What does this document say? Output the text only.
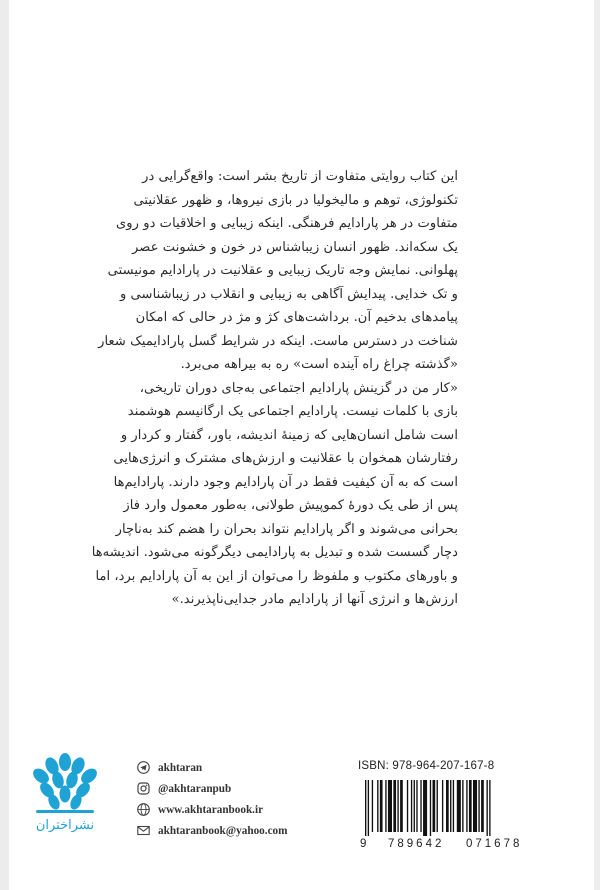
این کتاب روایتی متفاوت از تاریخ بشر است: واقع‌گرایی در
تکنولوژی، توهم و مالیخولیا در بازی نیروها، و ظهور عقلانیتی
متفاوت در هر پارادایم فرهنگی. اینکه زیبایی و اخلاقیات دو روی
یک سکه‌اند. ظهور انسان زیباشناس در خون و خشونت عصر
پهلوانی. نمایش وجه تاریک زیبایی و عقلانیت در پارادایم مونیستی
و تک خدایی. پیدایش آگاهی به زیبایی و انقلاب در زیباشناسی و
پیامدهای بدخیم آن. برداشت‌های کژ و مژ در حالی که امکان
شناخت در دسترس ماست. اینکه در شرایط گسل پارادایمیک شعار
«گذشته چراغ راه آینده است» ره به بیراهه می‌برد.

«کار من در گزینش پارادایم اجتماعی به‌جای دوران تاریخی،
بازی با کلمات نیست. پارادایم اجتماعی یک ارگانیسم هوشمند
است شامل انسان‌هایی که زمینهٔ اندیشه، باور، گفتار و کردار و
رفتارشان همخوان با عقلانیت و ارزش‌های مشترک و انرژی‌هایی
است که به آن کیفیت فقط در آن پارادایم وجود دارند. پارادایم‌ها
پس از طی یک دورهٔ کموپیش طولانی، به‌طور معمول وارد فاز
بحرانی می‌شوند و اگر پارادایم نتواند بحران را هضم کند به‌ناچار
دچار گسست شده و تبدیل به پارادایمی دیگرگونه می‌شود. اندیشه‌ها
و باورهای مکتوب و ملفوظ را می‌توان از این به آن پارادایم برد، اما
ارزش‌ها و انرژی آنها از پارادایم مادر جدایی‌ناپذیرند.»

نشراختران
akhtaran
@akhtaranpub
www.akhtaranbook.ir
akhtaranbook@yahoo.com
ISBN: 978-964-207-167-8
9 789642 071678
